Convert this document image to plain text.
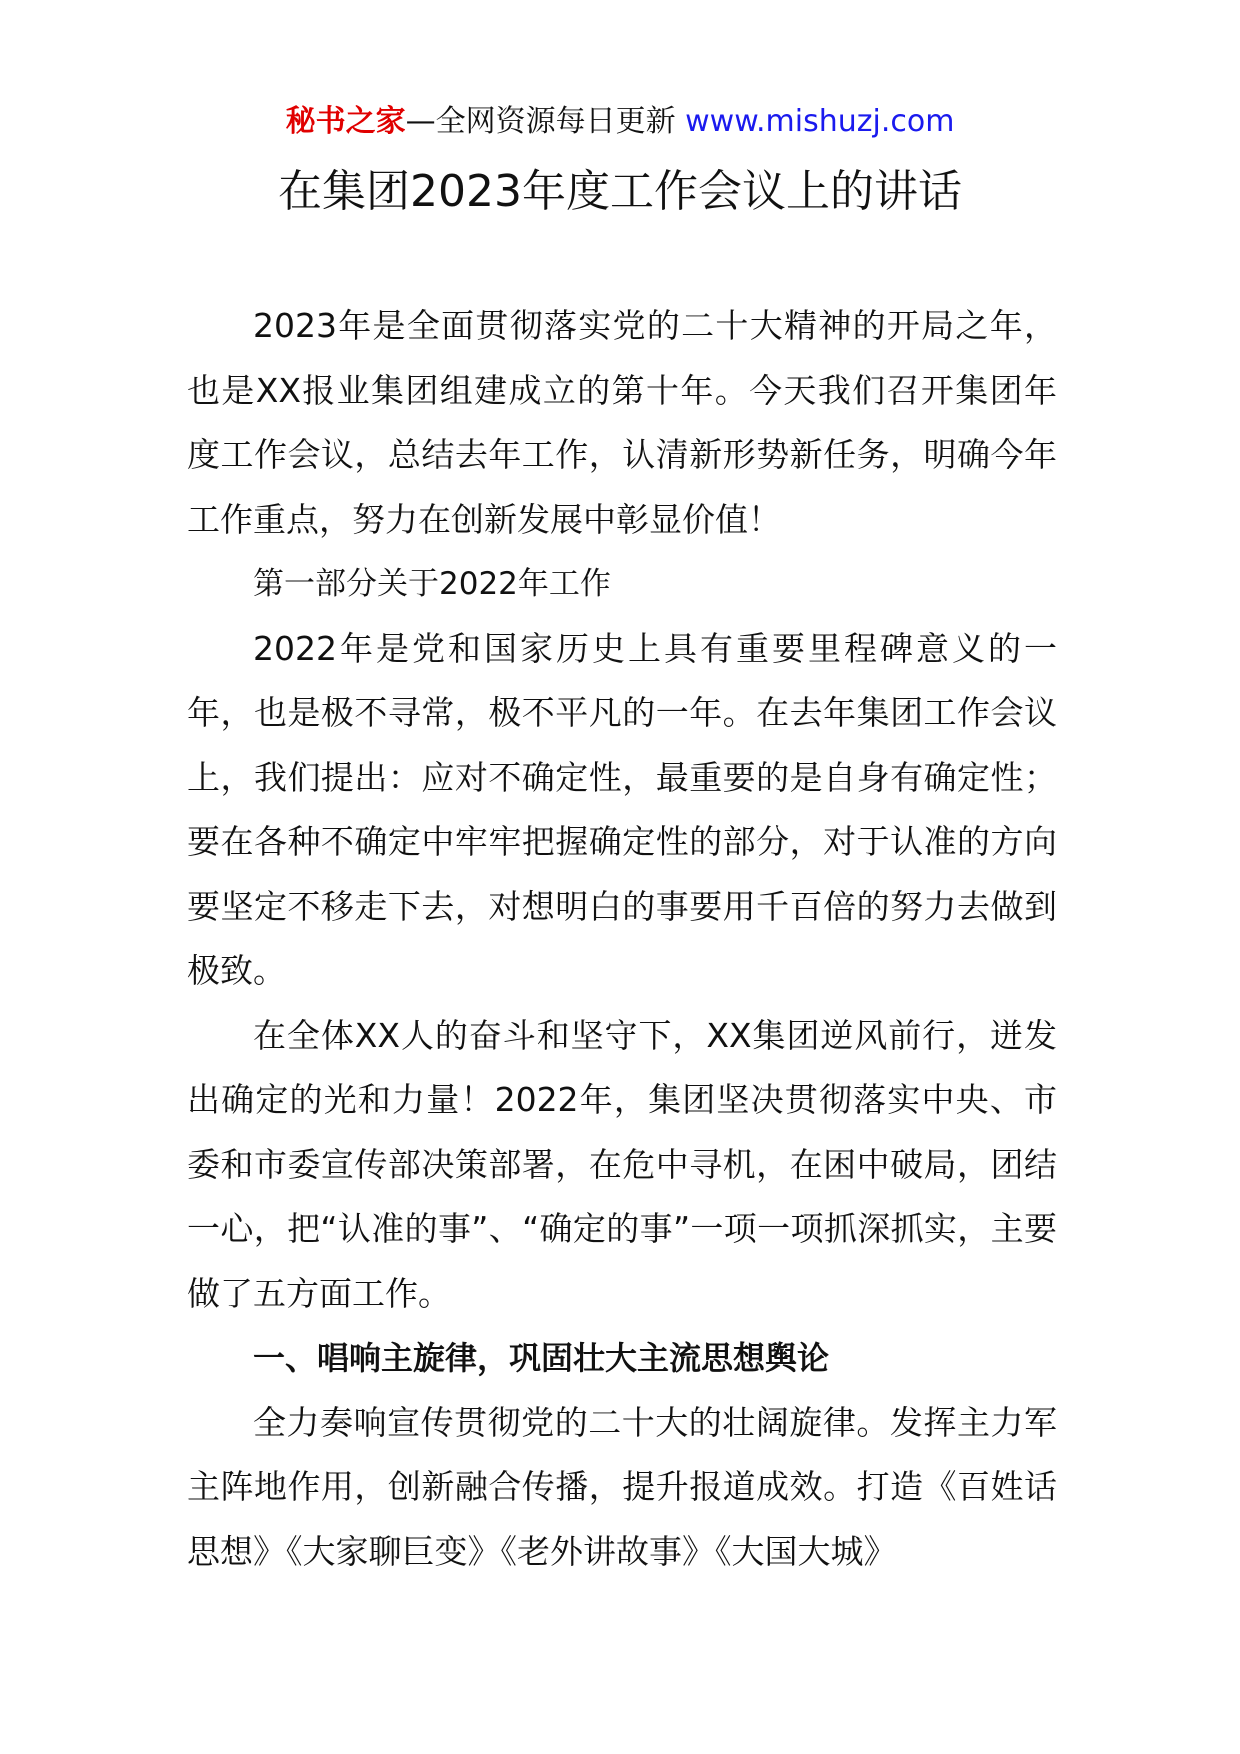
秘书之家—全网资源每日更新 www.mishuzj.com
在集团2023年度工作会议上的讲话

2023年是全面贯彻落实党的二十大精神的开局之年，也是XX报业集团组建成立的第十年。今天我们召开集团年度工作会议，总结去年工作，认清新形势新任务，明确今年工作重点，努力在创新发展中彰显价值！

第一部分关于2022年工作

2022年是党和国家历史上具有重要里程碑意义的一年，也是极不寻常，极不平凡的一年。在去年集团工作会议上，我们提出：应对不确定性，最重要的是自身有确定性；要在各种不确定中牢牢把握确定性的部分，对于认准的方向要坚定不移走下去，对想明白的事要用千百倍的努力去做到极致。

在全体XX人的奋斗和坚守下，XX集团逆风前行，迸发出确定的光和力量！2022年，集团坚决贯彻落实中央、市委和市委宣传部决策部署，在危中寻机，在困中破局，团结一心，把“认准的事”、“确定的事”一项一项抓深抓实，主要做了五方面工作。

一、唱响主旋律，巩固壮大主流思想舆论

全力奏响宣传贯彻党的二十大的壮阔旋律。发挥主力军主阵地作用，创新融合传播，提升报道成效。打造《百姓话思想》《大家聊巨变》《老外讲故事》《大国大城》
